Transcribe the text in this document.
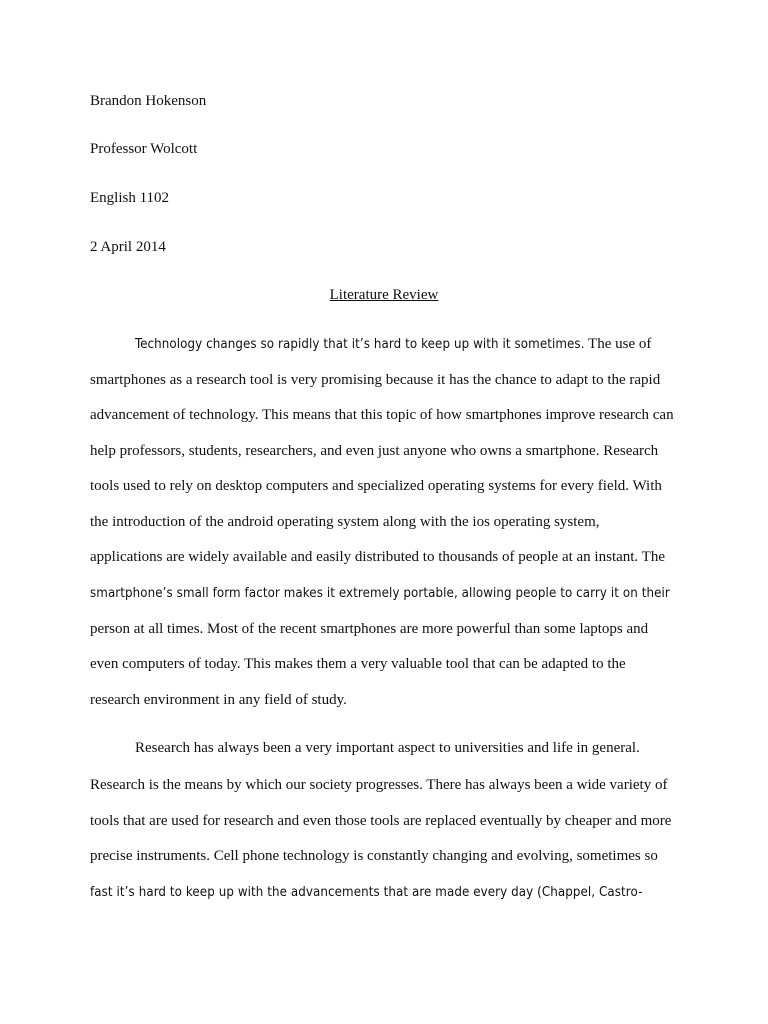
Brandon Hokenson
Professor Wolcott
English 1102
2 April 2014
Literature Review
Technology changes so rapidly that it’s hard to keep up with it sometimes. The use of
smartphones as a research tool is very promising because it has the chance to adapt to the rapid
advancement of technology. This means that this topic of how smartphones improve research can
help professors, students, researchers, and even just anyone who owns a smartphone. Research
tools used to rely on desktop computers and specialized operating systems for every field. With
the introduction of the android operating system along with the ios operating system,
applications are widely available and easily distributed to thousands of people at an instant. The
smartphone’s small form factor makes it extremely portable, allowing people to carry it on their
person at all times. Most of the recent smartphones are more powerful than some laptops and
even computers of today. This makes them a very valuable tool that can be adapted to the
research environment in any field of study.
Research has always been a very important aspect to universities and life in general.
Research is the means by which our society progresses. There has always been a wide variety of
tools that are used for research and even those tools are replaced eventually by cheaper and more
precise instruments. Cell phone technology is constantly changing and evolving, sometimes so
fast it’s hard to keep up with the advancements that are made every day (Chappel, Castro-
